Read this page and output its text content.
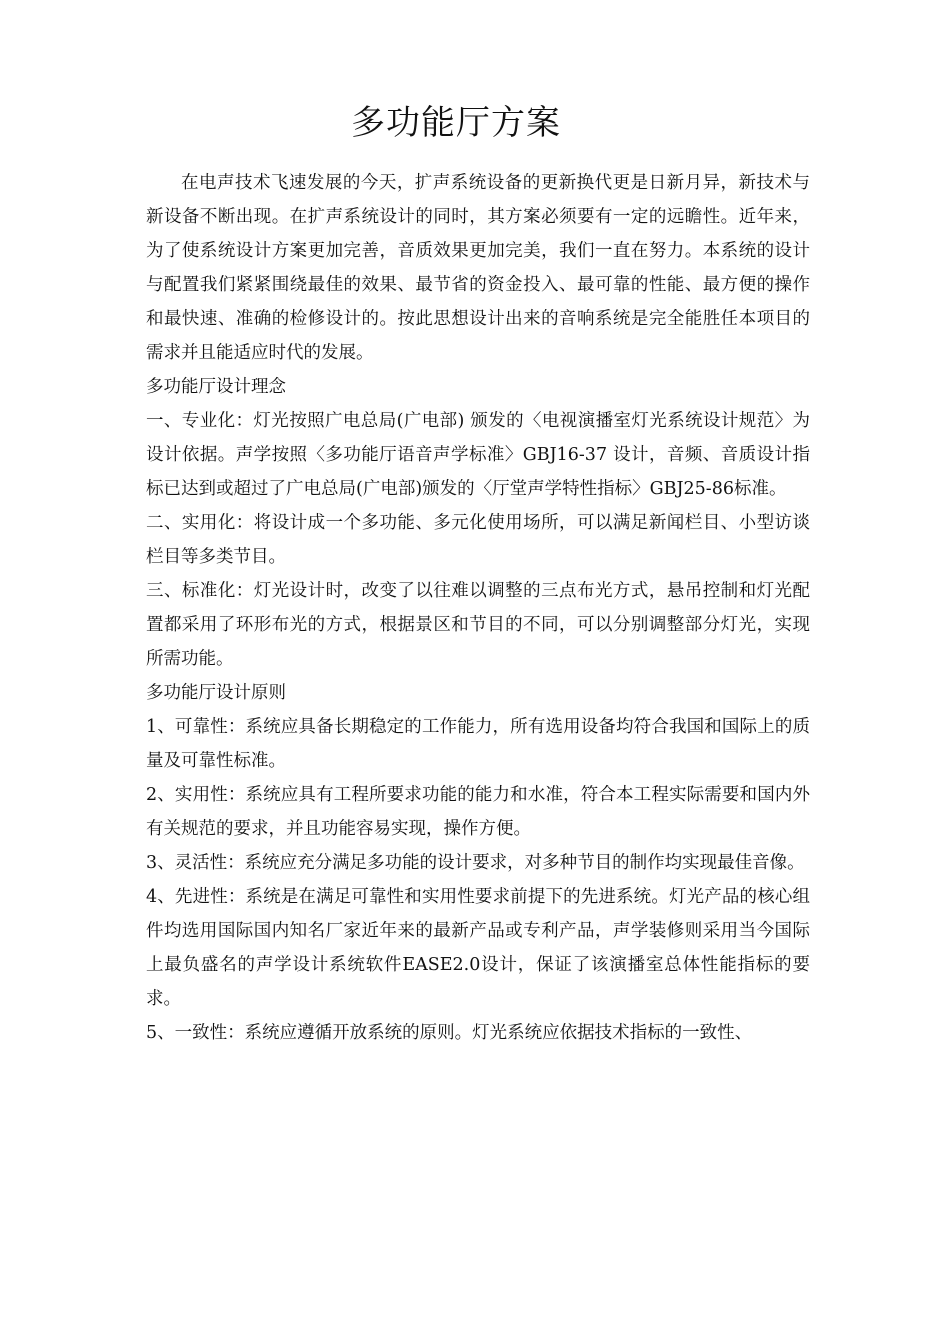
多功能厅方案

在电声技术飞速发展的今天，扩声系统设备的更新换代更是日新月异，新技术与新设备不断出现。在扩声系统设计的同时，其方案必须要有一定的远瞻性。近年来，为了使系统设计方案更加完善，音质效果更加完美，我们一直在努力。本系统的设计与配置我们紧紧围绕最佳的效果、最节省的资金投入、最可靠的性能、最方便的操作和最快速、准确的检修设计的。按此思想设计出来的音响系统是完全能胜任本项目的需求并且能适应时代的发展。

多功能厅设计理念

一、专业化：灯光按照广电总局(广电部) 颁发的〈电视演播室灯光系统设计规范〉为设计依据。声学按照〈多功能厅语音声学标准〉GBJ16-37 设计，音频、音质设计指标已达到或超过了广电总局(广电部)颁发的〈厅堂声学特性指标〉GBJ25-86标准。

二、实用化：将设计成一个多功能、多元化使用场所，可以满足新闻栏目、小型访谈栏目等多类节目。

三、标准化：灯光设计时，改变了以往难以调整的三点布光方式，悬吊控制和灯光配置都采用了环形布光的方式，根据景区和节目的不同，可以分别调整部分灯光，实现所需功能。

多功能厅设计原则

1、可靠性：系统应具备长期稳定的工作能力，所有选用设备均符合我国和国际上的质量及可靠性标准。

2、实用性：系统应具有工程所要求功能的能力和水准，符合本工程实际需要和国内外有关规范的要求，并且功能容易实现，操作方便。

3、灵活性：系统应充分满足多功能的设计要求，对多种节目的制作均实现最佳音像。

4、先进性：系统是在满足可靠性和实用性要求前提下的先进系统。灯光产品的核心组件均选用国际国内知名厂家近年来的最新产品或专利产品，声学装修则采用当今国际上最负盛名的声学设计系统软件EASE2.0设计，保证了该演播室总体性能指标的要求。

5、一致性：系统应遵循开放系统的原则。灯光系统应依据技术指标的一致性、
